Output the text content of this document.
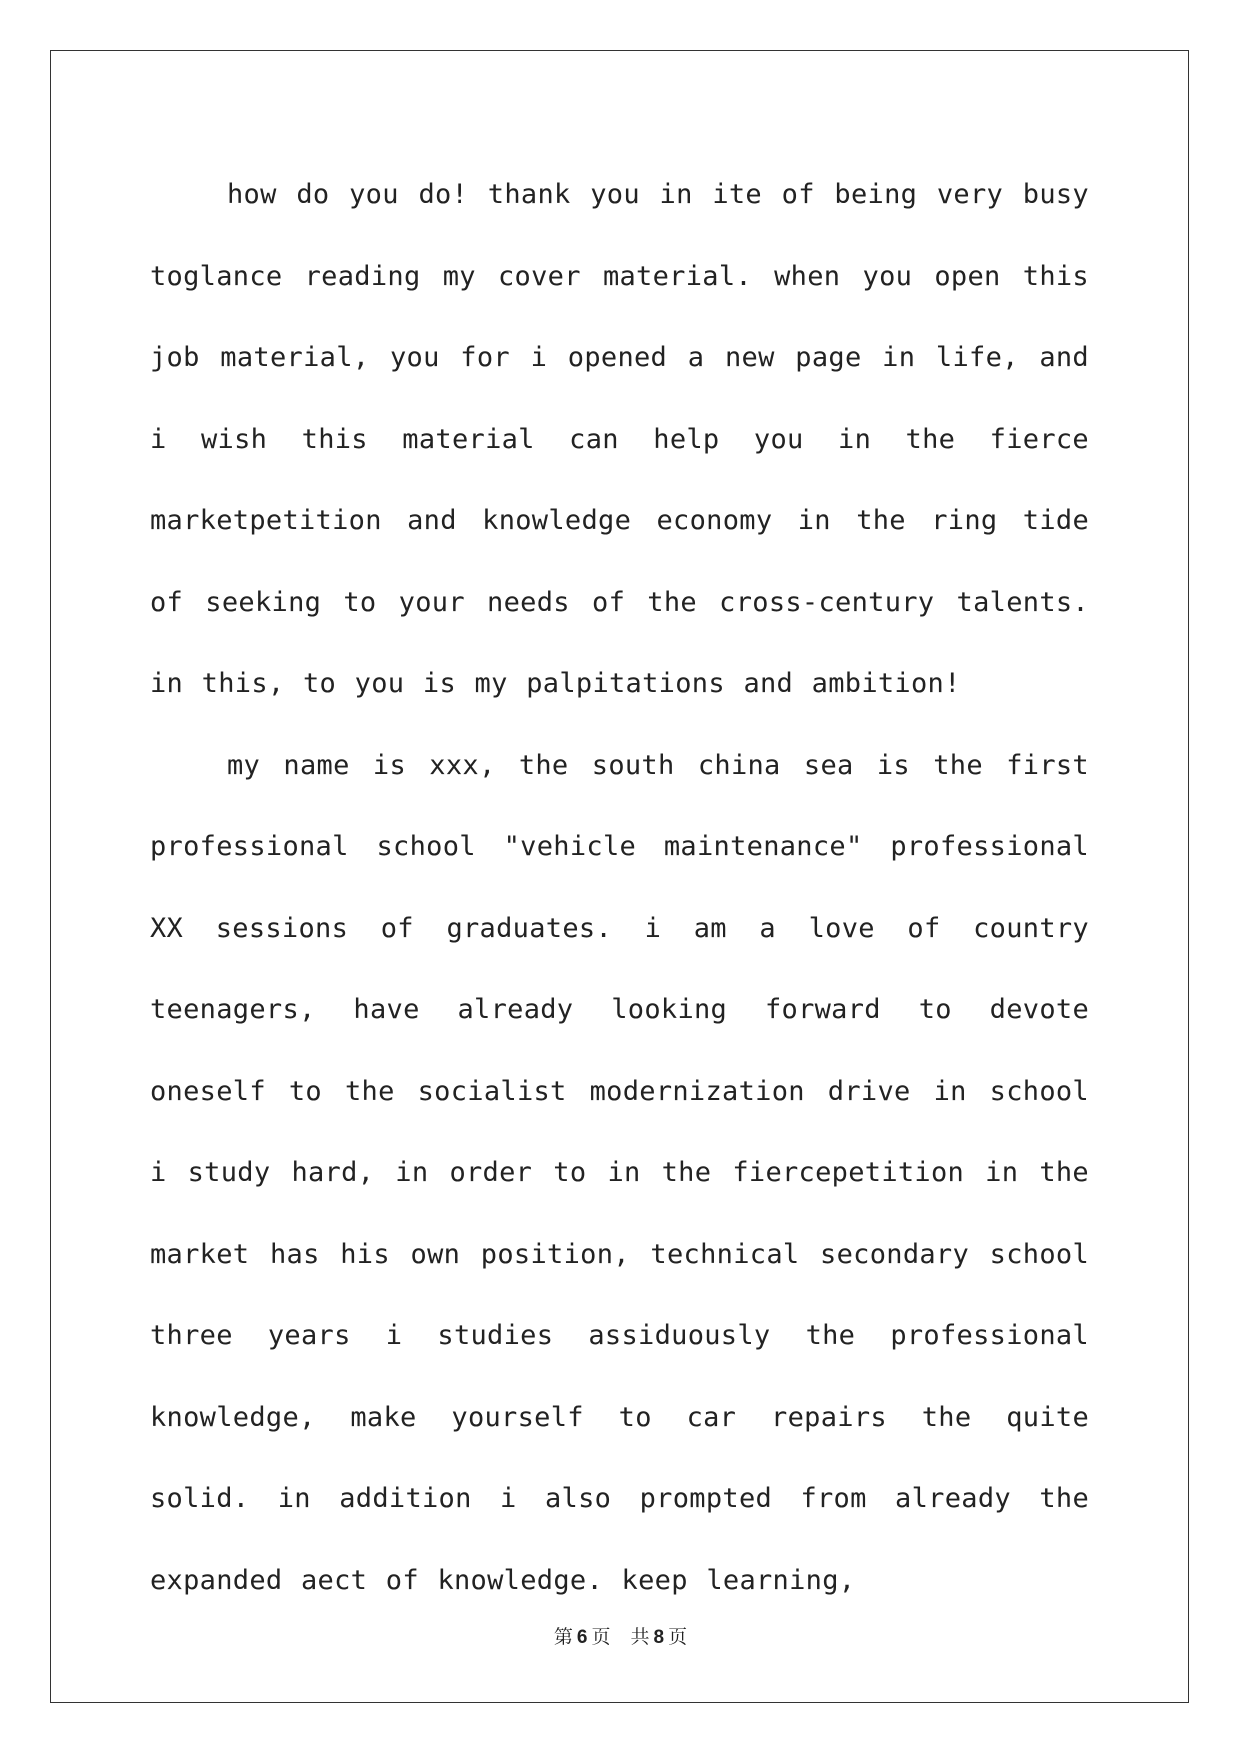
how do you do! thank you in ite of being very busy toglance reading my cover material. when you open this job material, you for i opened a new page in life, and i wish this material can help you in the fierce marketpetition and knowledge economy in the ring tide of seeking to your needs of the cross-century talents. in this, to you is my palpitations and ambition!

my name is xxx, the south china sea is the first professional school "vehicle maintenance" professional XX sessions of graduates. i am a love of country teenagers, have already looking forward to devote oneself to the socialist modernization drive in school i study hard, in order to in the fiercepetition in the market has his own position, technical secondary school three years i studies assiduously the professional knowledge, make yourself to car repairs the quite solid. in addition i also prompted from already the expanded aect of knowledge. keep learning,

第 6 页 共 8 页
